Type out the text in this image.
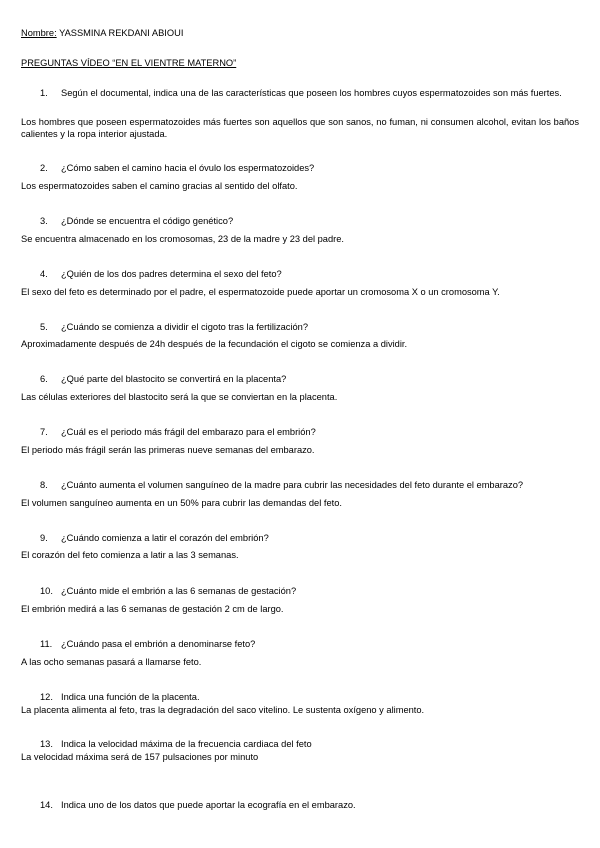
Nombre: YASSMINA REKDANI ABIOUI
PREGUNTAS VÍDEO “EN EL VIENTRE MATERNO”
1. Según el documental, indica una de las características que poseen los hombres cuyos espermatozoides son más fuertes.
Los hombres que poseen espermatozoides más fuertes son aquellos que son sanos, no fuman, ni consumen alcohol, evitan los baños calientes y la ropa interior ajustada.
2. ¿Cómo saben el camino hacia el óvulo los espermatozoides?
Los espermatozoides saben el camino gracias al sentido del olfato.
3. ¿Dónde se encuentra el código genético?
Se encuentra almacenado en los cromosomas, 23 de la madre y 23 del padre.
4. ¿Quién de los dos padres determina el sexo del feto?
El sexo del feto es determinado por el padre, el espermatozoide puede aportar un cromosoma X o un cromosoma Y.
5. ¿Cuándo se comienza a dividir el cigoto tras la fertilización?
Aproximadamente después de 24h después de la fecundación el cigoto se comienza a dividir.
6. ¿Qué parte del blastocito se convertirá en la placenta?
Las células exteriores del blastocito será la que se conviertan en la placenta.
7. ¿Cuál es el periodo más frágil del embarazo para el embrión?
El periodo más frágil serán las primeras nueve semanas del embarazo.
8. ¿Cuánto aumenta el volumen sanguíneo de la madre para cubrir las necesidades del feto durante el embarazo?
El volumen sanguíneo aumenta en un 50% para cubrir las demandas del feto.
9. ¿Cuándo comienza a latir el corazón del embrión?
El corazón del feto comienza a latir a las 3 semanas.
10. ¿Cuánto mide el embrión a las 6 semanas de gestación?
El embrión medirá a las 6 semanas de gestación 2 cm de largo.
11. ¿Cuándo pasa el embrión a denominarse feto?
A las ocho semanas pasará a llamarse feto.
12. Indica una función de la placenta.
La placenta alimenta al feto, tras la degradación del saco vitelino. Le sustenta oxígeno y alimento.
13. Indica la velocidad máxima de la frecuencia cardiaca del feto
La velocidad máxima será de 157 pulsaciones por minuto
14. Indica uno de los datos que puede aportar la ecografía en el embarazo.
